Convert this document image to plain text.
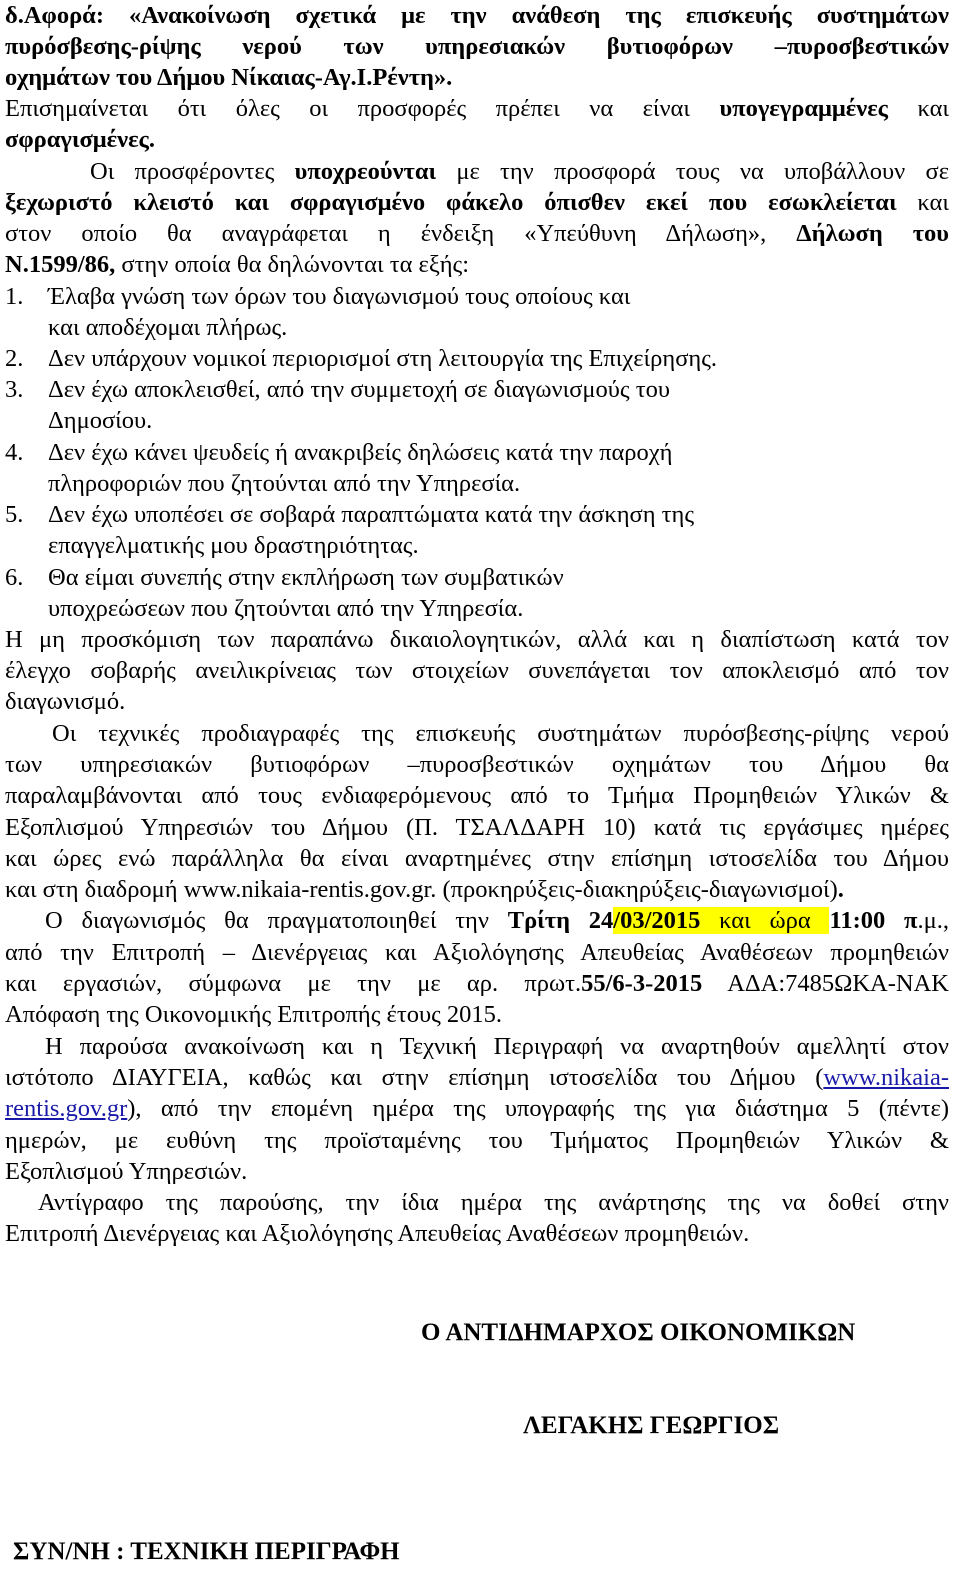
δ.Αφορά: «Ανακοίνωση σχετικά με την ανάθεση της επισκευής συστημάτων
πυρόσβεσης-ρίψης νερού των υπηρεσιακών βυτιοφόρων –πυροσβεστικών
οχημάτων του Δήμου Νίκαιας-Αγ.Ι.Ρέντη».
Επισημαίνεται ότι όλες οι προσφορές πρέπει να είναι υπογεγραμμένες και
σφραγισμένες.
Οι προσφέροντες υποχρεούνται με την προσφορά τους να υποβάλλουν σε
ξεχωριστό κλειστό και σφραγισμένο φάκελο όπισθεν εκεί που εσωκλείεται και
στον οποίο θα αναγράφεται η ένδειξη «Υπεύθυνη Δήλωση», Δήλωση του
Ν.1599/86, στην οποία θα δηλώνονται τα εξής:
1.	Έλαβα γνώση των όρων του διαγωνισμού τους οποίους και
και αποδέχομαι πλήρως.
2.	Δεν υπάρχουν νομικοί περιορισμοί στη λειτουργία της Επιχείρησης.
3.	Δεν έχω αποκλεισθεί, από την συμμετοχή σε διαγωνισμούς του
Δημοσίου.
4.	Δεν έχω κάνει ψευδείς ή ανακριβείς δηλώσεις κατά την παροχή
πληροφοριών που ζητούνται από την Υπηρεσία.
5.	Δεν έχω υποπέσει σε σοβαρά παραπτώματα κατά την άσκηση της
επαγγελματικής μου δραστηριότητας.
6.	Θα είμαι συνεπής στην εκπλήρωση των συμβατικών
υποχρεώσεων που ζητούνται από την Υπηρεσία.
Η μη προσκόμιση των παραπάνω δικαιολογητικών, αλλά και η διαπίστωση κατά τον
έλεγχο σοβαρής ανειλικρίνειας των στοιχείων συνεπάγεται τον αποκλεισμό από τον
διαγωνισμό.
Οι τεχνικές προδιαγραφές της επισκευής συστημάτων πυρόσβεσης-ρίψης νερού
των υπηρεσιακών βυτιοφόρων –πυροσβεστικών οχημάτων του Δήμου θα
παραλαμβάνονται από τους ενδιαφερόμενους από το Τμήμα Προμηθειών Υλικών &
Εξοπλισμού Υπηρεσιών του Δήμου (Π. ΤΣΑΛΔΑΡΗ 10) κατά τις εργάσιμες ημέρες
και ώρες ενώ παράλληλα θα είναι αναρτημένες στην επίσημη ιστοσελίδα του Δήμου
και στη διαδρομή www.nikaia-rentis.gov.gr. (προκηρύξεις-διακηρύξεις-διαγωνισμοί).
Ο διαγωνισμός θα πραγματοποιηθεί την Τρίτη 24/03/2015 και ώρα 11:00 π.μ.,
από την Επιτροπή – Διενέργειας και Αξιολόγησης Απευθείας Αναθέσεων προμηθειών
και εργασιών, σύμφωνα με την με αρ. πρωτ.55/6-3-2015 ΑΔΑ:7485ΩΚΑ-ΝΑΚ
Απόφαση της Οικονομικής Επιτροπής έτους 2015.
Η παρούσα ανακοίνωση και η Τεχνική Περιγραφή να αναρτηθούν αμελλητί στον
ιστότοπο ΔΙΑΥΓΕΙΑ, καθώς και στην επίσημη ιστοσελίδα του Δήμου (www.nikaia-
rentis.gov.gr), από την επομένη ημέρα της υπογραφής της για διάστημα 5 (πέντε)
ημερών, με ευθύνη της προϊσταμένης του Τμήματος Προμηθειών Υλικών &
Εξοπλισμού Υπηρεσιών.
Αντίγραφο της παρούσης, την ίδια ημέρα της ανάρτησης της να δοθεί στην
Επιτροπή Διενέργειας και Αξιολόγησης Απευθείας Αναθέσεων προμηθειών.
Ο ΑΝΤΙΔΗΜΑΡΧΟΣ ΟΙΚΟΝΟΜΙΚΩΝ
ΛΕΓΑΚΗΣ ΓΕΩΡΓΙΟΣ
ΣΥΝ/ΝΗ : ΤΕΧΝΙΚΗ ΠΕΡΙΓΡΑΦΗ
